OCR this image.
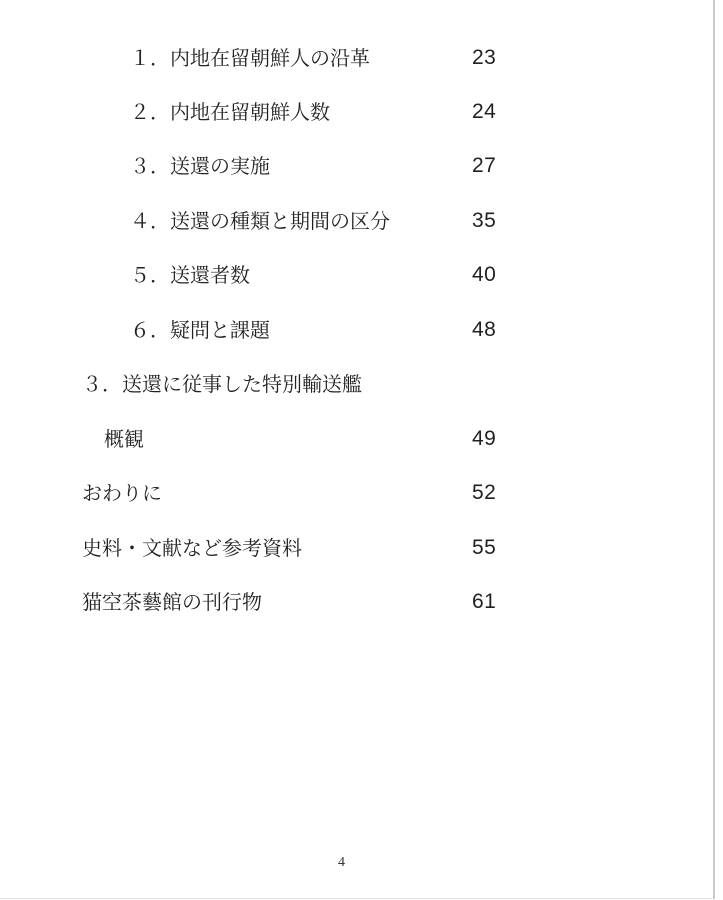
１．内地在留朝鮮人の沿革	23
２．内地在留朝鮮人数	24
３．送還の実施	27
４．送還の種類と期間の区分	35
５．送還者数	40
６．疑問と課題	48
３．送還に従事した特別輸送艦
概観	49
おわりに	52
史料・文献など参考資料	55
猫空茶藝館の刊行物	61
4
